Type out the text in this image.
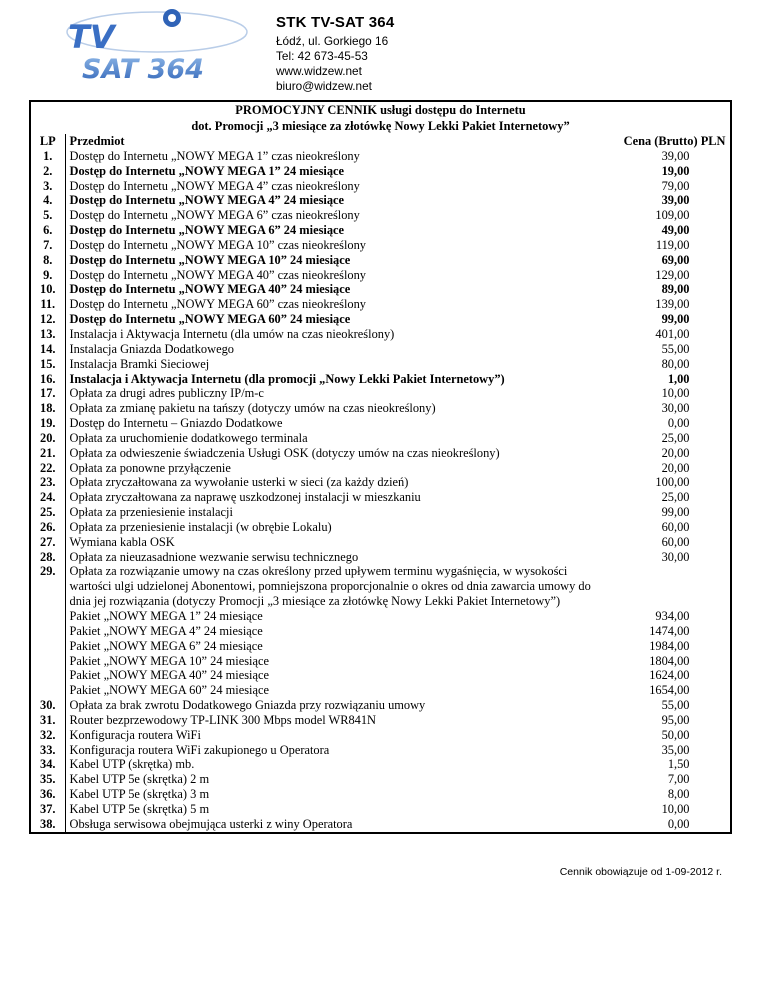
TV
SAT 364
STK TV-SAT 364
Łódź, ul. Gorkiego 16
Tel: 42 673-45-53
www.widzew.net
biuro@widzew.net
PROMOCYJNY CENNIK usługi dostępu do Internetu
dot. Promocji „3 miesiące za złotówkę Nowy Lekki Pakiet Internetowy”
LP	Przedmiot	Cena (Brutto) PLN
1.	Dostęp do Internetu „NOWY MEGA 1” czas nieokreślony	39,00
2.	Dostęp do Internetu „NOWY MEGA 1” 24 miesiące	19,00
3.	Dostęp do Internetu „NOWY MEGA 4” czas nieokreślony	79,00
4.	Dostęp do Internetu „NOWY MEGA 4” 24 miesiące	39,00
5.	Dostęp do Internetu „NOWY MEGA 6” czas nieokreślony	109,00
6.	Dostęp do Internetu „NOWY MEGA 6” 24 miesiące	49,00
7.	Dostęp do Internetu „NOWY MEGA 10” czas nieokreślony	119,00
8.	Dostęp do Internetu „NOWY MEGA 10” 24 miesiące	69,00
9.	Dostęp do Internetu „NOWY MEGA 40” czas nieokreślony	129,00
10.	Dostęp do Internetu „NOWY MEGA 40” 24 miesiące	89,00
11.	Dostęp do Internetu „NOWY MEGA 60” czas nieokreślony	139,00
12.	Dostęp do Internetu „NOWY MEGA 60” 24 miesiące	99,00
13.	Instalacja i Aktywacja Internetu (dla umów na czas nieokreślony)	401,00
14.	Instalacja Gniazda Dodatkowego	55,00
15.	Instalacja Bramki Sieciowej	80,00
16.	Instalacja i Aktywacja Internetu (dla promocji „Nowy Lekki Pakiet Internetowy”)	1,00
17.	Opłata za drugi adres publiczny IP/m-c	10,00
18.	Opłata za zmianę pakietu na tańszy (dotyczy umów na czas nieokreślony)	30,00
19.	Dostęp do Internetu – Gniazdo Dodatkowe	0,00
20.	Opłata za uruchomienie dodatkowego terminala	25,00
21.	Opłata za odwieszenie świadczenia Usługi OSK (dotyczy umów na czas nieokreślony)	20,00
22.	Opłata za ponowne przyłączenie	20,00
23.	Opłata zryczałtowana za wywołanie usterki w sieci (za każdy dzień)	100,00
24.	Opłata zryczałtowana za naprawę uszkodzonej instalacji w mieszkaniu	25,00
25.	Opłata za przeniesienie instalacji	99,00
26.	Opłata za przeniesienie instalacji (w obrębie Lokalu)	60,00
27.	Wymiana kabla OSK	60,00
28.	Opłata za nieuzasadnione wezwanie serwisu technicznego	30,00
29.	Opłata za rozwiązanie umowy na czas określony przed upływem terminu wygaśnięcia, w wysokości wartości ulgi udzielonej Abonentowi, pomniejszona proporcjonalnie o okres od dnia zawarcia umowy do dnia jej rozwiązania (dotyczy Promocji „3 miesiące za złotówkę Nowy Lekki Pakiet Internetowy”)	
	Pakiet „NOWY MEGA 1” 24 miesiące	934,00
	Pakiet „NOWY MEGA 4” 24 miesiące	1474,00
	Pakiet „NOWY MEGA 6” 24 miesiące	1984,00
	Pakiet „NOWY MEGA 10” 24 miesiące	1804,00
	Pakiet „NOWY MEGA 40” 24 miesiące	1624,00
	Pakiet „NOWY MEGA 60” 24 miesiące	1654,00
30.	Opłata za brak zwrotu Dodatkowego Gniazda przy rozwiązaniu umowy	55,00
31.	Router bezprzewodowy TP-LINK 300 Mbps model WR841N	95,00
32.	Konfiguracja routera WiFi	50,00
33.	Konfiguracja routera WiFi zakupionego u Operatora	35,00
34.	Kabel UTP (skrętka) mb.	1,50
35.	Kabel UTP 5e (skrętka) 2 m	7,00
36.	Kabel UTP 5e (skrętka) 3 m	8,00
37.	Kabel UTP 5e (skrętka) 5 m	10,00
38.	Obsługa serwisowa obejmująca usterki z winy Operatora	0,00
Cennik obowiązuje od 1-09-2012 r.
